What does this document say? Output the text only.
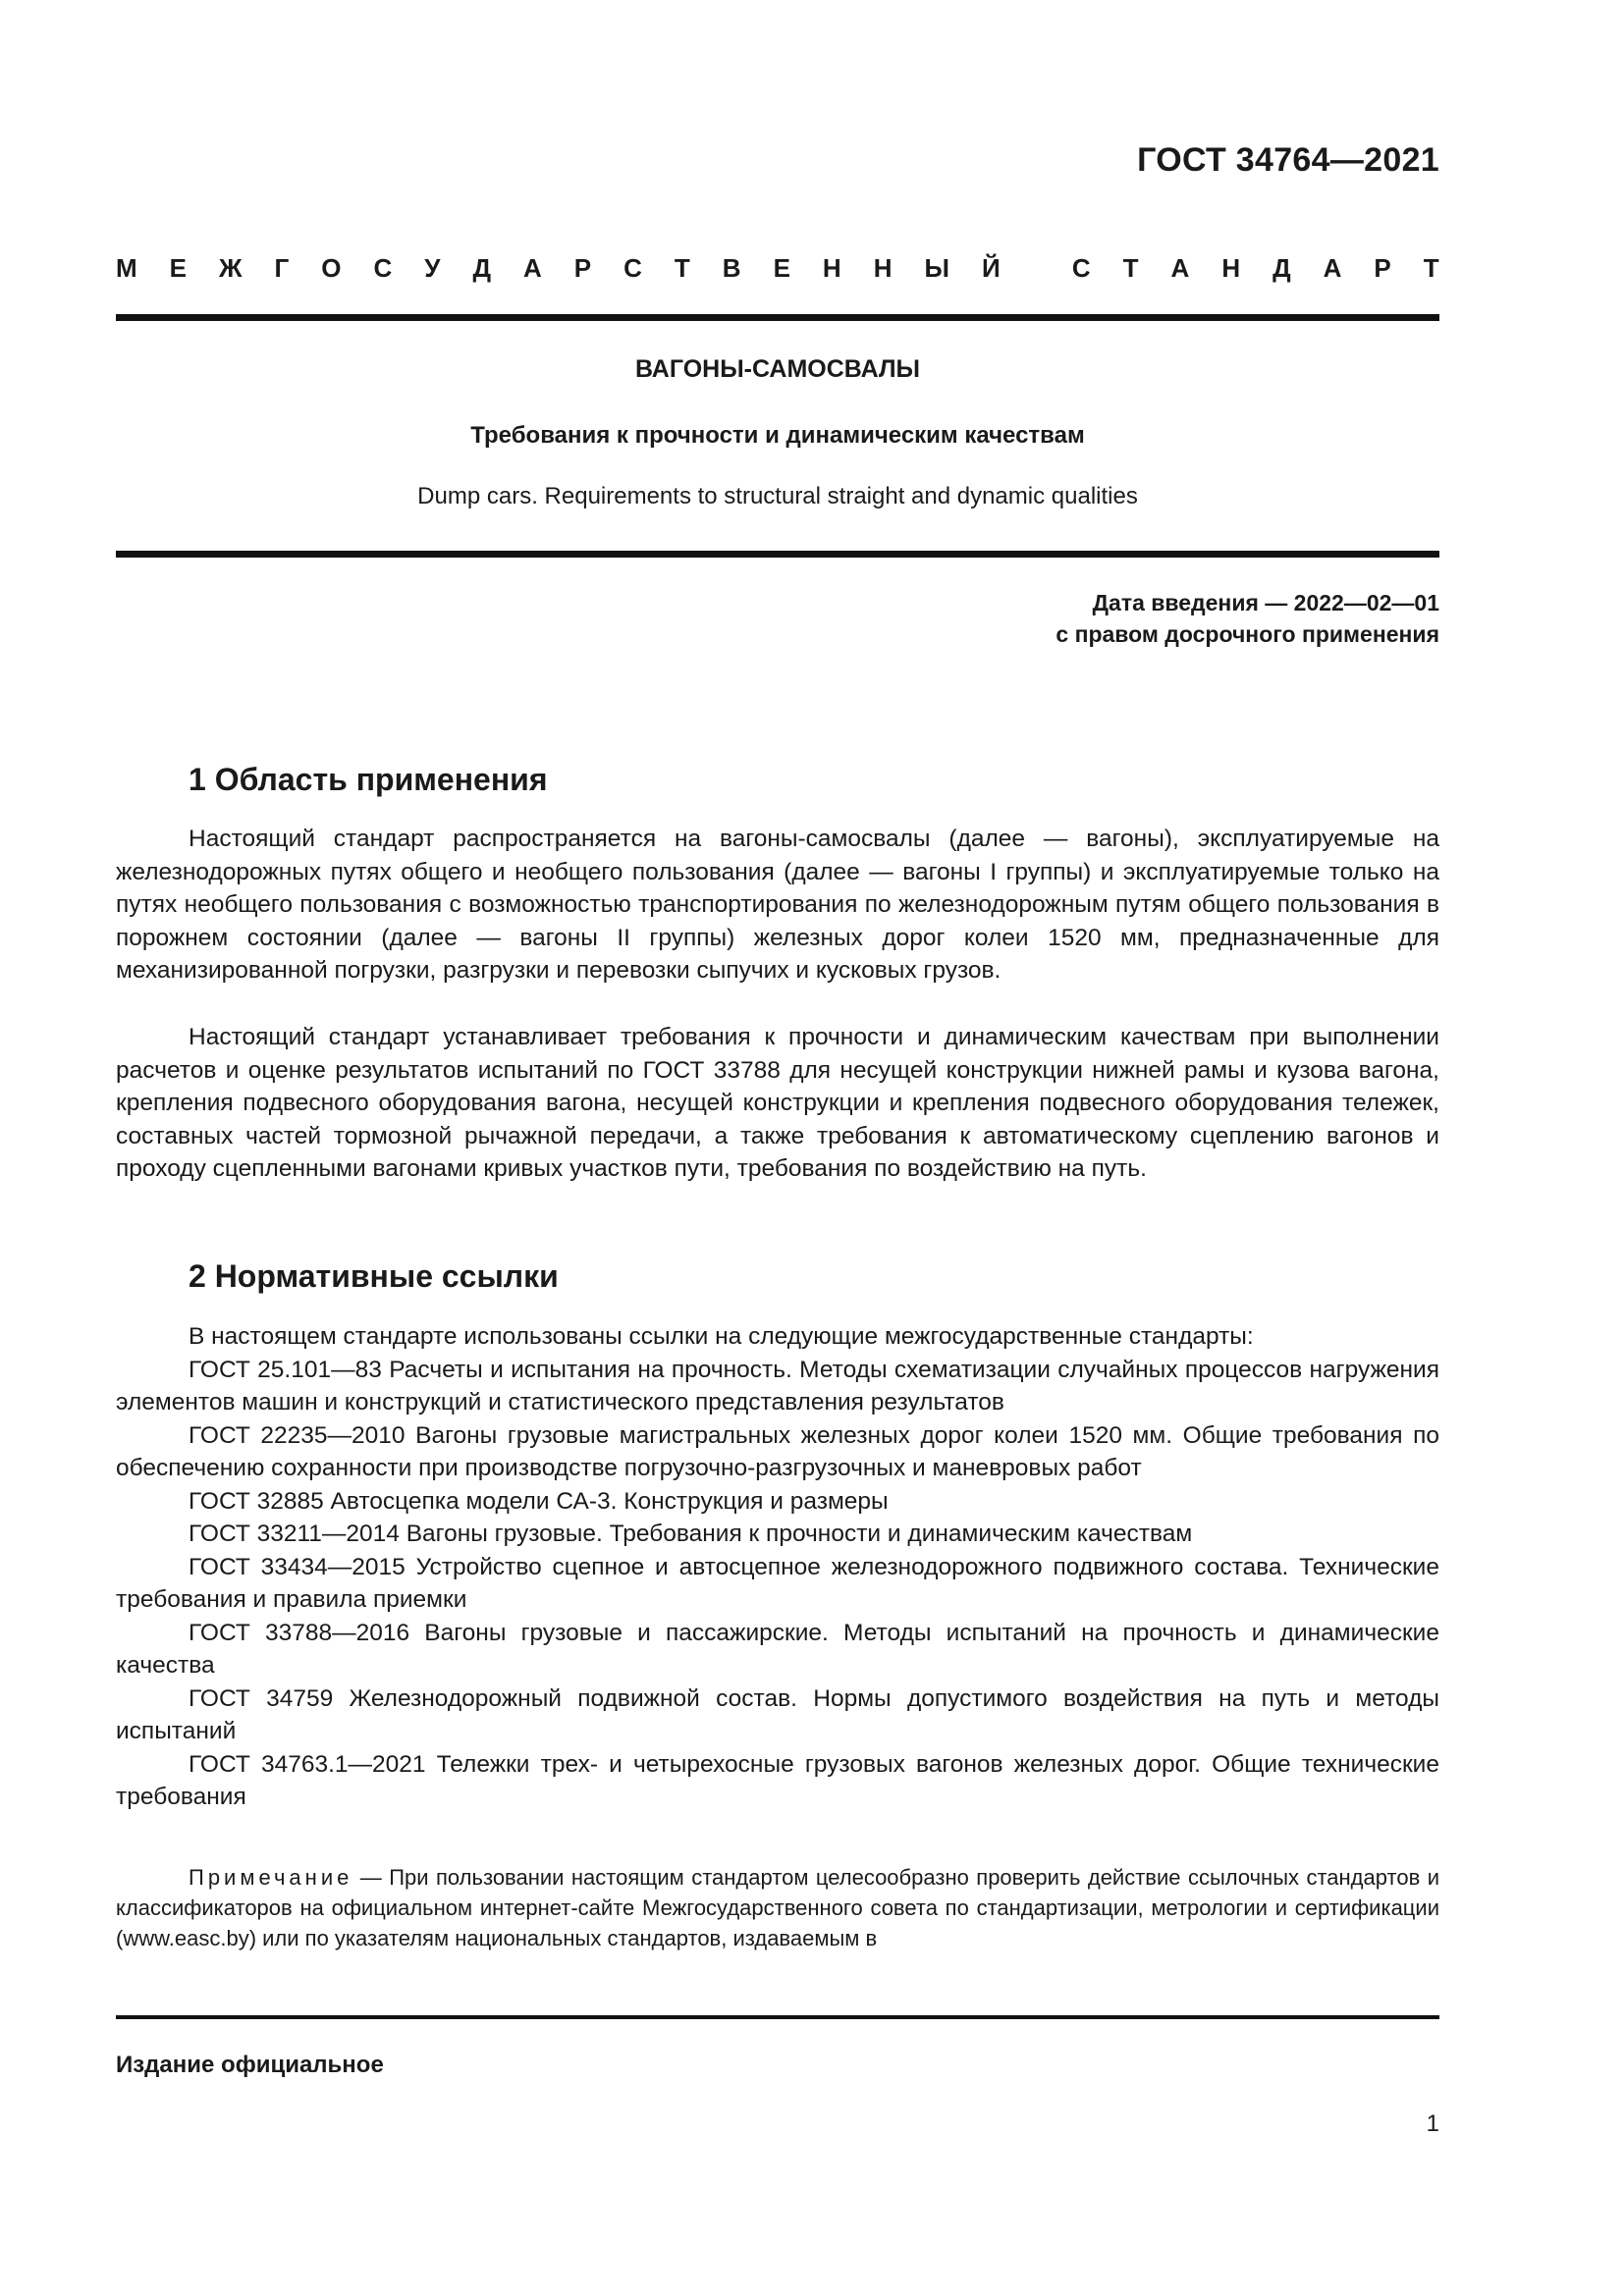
ГОСТ 34764—2021
М Е Ж Г О С У Д А Р С Т В Е Н Н Ы Й
	С Т А Н Д А Р Т
ВАГОНЫ-САМОСВАЛЫ
Требования к прочности и динамическим качествам
Dump cars. Requirements to structural straight and dynamic qualities
Дата введения — 2022—02—01
с правом досрочного применения
1 Область применения

Настоящий стандарт распространяется на вагоны-самосвалы (далее — вагоны), эксплуатируемые на железнодорожных путях общего и необщего пользования (далее — вагоны I группы) и эксплуатируемые только на путях необщего пользования с возможностью транспортирования по железнодорожным путям общего пользования в порожнем состоянии (далее — вагоны II группы) железных дорог колеи 1520 мм, предназначенные для механизированной погрузки, разгрузки и перевозки сыпучих и кусковых грузов.

Настоящий стандарт устанавливает требования к прочности и динамическим качествам при выполнении расчетов и оценке результатов испытаний по ГОСТ 33788 для несущей конструкции нижней рамы и кузова вагона, крепления подвесного оборудования вагона, несущей конструкции и крепления подвесного оборудования тележек, составных частей тормозной рычажной передачи, а также требования к автоматическому сцеплению вагонов и проходу сцепленными вагонами кривых участков пути, требования по воздействию на путь.

2 Нормативные ссылки

В настоящем стандарте использованы ссылки на следующие межгосударственные стандарты:

ГОСТ 25.101—83 Расчеты и испытания на прочность. Методы схематизации случайных процессов нагружения элементов машин и конструкций и статистического представления результатов

ГОСТ 22235—2010 Вагоны грузовые магистральных железных дорог колеи 1520 мм. Общие требования по обеспечению сохранности при производстве погрузочно-разгрузочных и маневровых работ

ГОСТ 32885 Автосцепка модели СА-3. Конструкция и размеры

ГОСТ 33211—2014 Вагоны грузовые. Требования к прочности и динамическим качествам

ГОСТ 33434—2015 Устройство сцепное и автосцепное железнодорожного подвижного состава. Технические требования и правила приемки

ГОСТ 33788—2016 Вагоны грузовые и пассажирские. Методы испытаний на прочность и динамические качества

ГОСТ 34759 Железнодорожный подвижной состав. Нормы допустимого воздействия на путь и методы испытаний

ГОСТ 34763.1—2021 Тележки трех- и четырехосные грузовых вагонов железных дорог. Общие технические требования

Примечание — При пользовании настоящим стандартом целесообразно проверить действие ссылочных стандартов и классификаторов на официальном интернет-сайте Межгосударственного совета по стандартизации, метрологии и сертификации (www.easc.by) или по указателям национальных стандартов, издаваемым в

Издание официальное
1
